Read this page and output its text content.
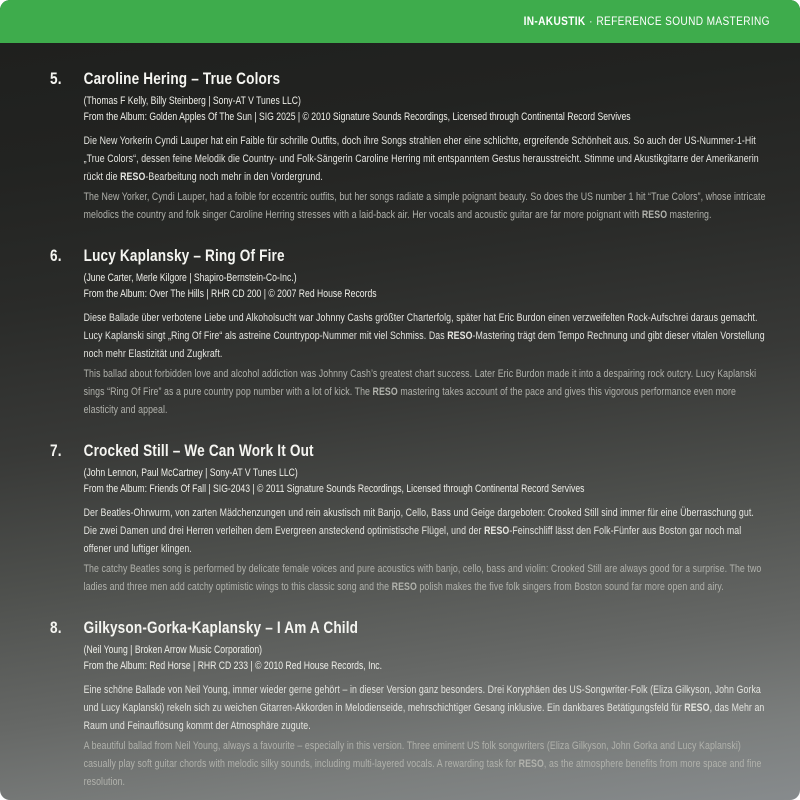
IN-AKUSTIK · REFERENCE SOUND MASTERING
5.	Caroline Hering – True Colors
(Thomas F Kelly, Billy Steinberg | Sony-AT V Tunes LLC)
From the Album: Golden Apples Of The Sun | SIG 2025 | © 2010 Signature Sounds Recordings, Licensed through Continental Record Servives
Die New Yorkerin Cyndi Lauper hat ein Faible für schrille Outfits, doch ihre Songs strahlen eher eine schlichte, ergreifende Schönheit aus. So auch der US-Nummer-1-Hit „True Colors“, dessen feine Melodik die Country- und Folk-Sängerin Caroline Herring mit entspanntem Gestus herausstreicht. Stimme und Akustikgitarre der Amerikanerin rückt die RESO-Bearbeitung noch mehr in den Vordergrund.
The New Yorker, Cyndi Lauper, had a foible for eccentric outfits, but her songs radiate a simple poignant beauty. So does the US number 1 hit “True Colors”, whose intricate melodics the country and folk singer Caroline Herring stresses with a laid-back air. Her vocals and acoustic guitar are far more poignant with RESO mastering.
6.	Lucy Kaplansky – Ring Of Fire
(June Carter, Merle Kilgore | Shapiro-Bernstein-Co-Inc.)
From the Album: Over The Hills | RHR CD 200 | © 2007 Red House Records
Diese Ballade über verbotene Liebe und Alkoholsucht war Johnny Cashs größter Charterfolg, später hat Eric Burdon einen verzweifelten Rock-Aufschrei daraus gemacht. Lucy Kaplanski singt „Ring Of Fire“ als astreine Countrypop-Nummer mit viel Schmiss. Das RESO-Mastering trägt dem Tempo Rechnung und gibt dieser vitalen Vorstellung noch mehr Elastizität und Zugkraft.
This ballad about forbidden love and alcohol addiction was Johnny Cash’s greatest chart success. Later Eric Burdon made it into a despairing rock outcry. Lucy Kaplanski sings “Ring Of Fire” as a pure country pop number with a lot of kick. The RESO mastering takes account of the pace and gives this vigorous performance even more elasticity and appeal.
7.	Crocked Still – We Can Work It Out
(John Lennon, Paul McCartney | Sony-AT V Tunes LLC)
From the Album: Friends Of Fall | SIG-2043 | © 2011 Signature Sounds Recordings, Licensed through Continental Record Servives
Der Beatles-Ohrwurm, von zarten Mädchenzungen und rein akustisch mit Banjo, Cello, Bass und Geige dargeboten: Crooked Still sind immer für eine Überraschung gut. Die zwei Damen und drei Herren verleihen dem Evergreen ansteckend optimistische Flügel, und der RESO-Feinschliff lässt den Folk-Fünfer aus Boston gar noch mal offener und luftiger klingen.
The catchy Beatles song is performed by delicate female voices and pure acoustics with banjo, cello, bass and violin: Crooked Still are always good for a surprise. The two ladies and three men add catchy optimistic wings to this classic song and the RESO polish makes the five folk singers from Boston sound far more open and airy.
8.	Gilkyson-Gorka-Kaplansky – I Am A Child
(Neil Young | Broken Arrow Music Corporation)
From the Album: Red Horse | RHR CD 233 | © 2010 Red House Records, Inc.
Eine schöne Ballade von Neil Young, immer wieder gerne gehört – in dieser Version ganz besonders. Drei Koryphäen des US-Songwriter-Folk (Eliza Gilkyson, John Gorka und Lucy Kaplanski) rekeln sich zu weichen Gitarren-Akkorden in Melodienseide, mehrschichtiger Gesang inklusive. Ein dankbares Betätigungsfeld für RESO, das Mehr an Raum und Feinauflösung kommt der Atmosphäre zugute.
A beautiful ballad from Neil Young, always a favourite – especially in this version. Three eminent US folk songwriters (Eliza Gilkyson, John Gorka and Lucy Kaplanski) casually play soft guitar chords with melodic silky sounds, including multi-layered vocals. A rewarding task for RESO, as the atmosphere benefits from more space and fine resolution.
